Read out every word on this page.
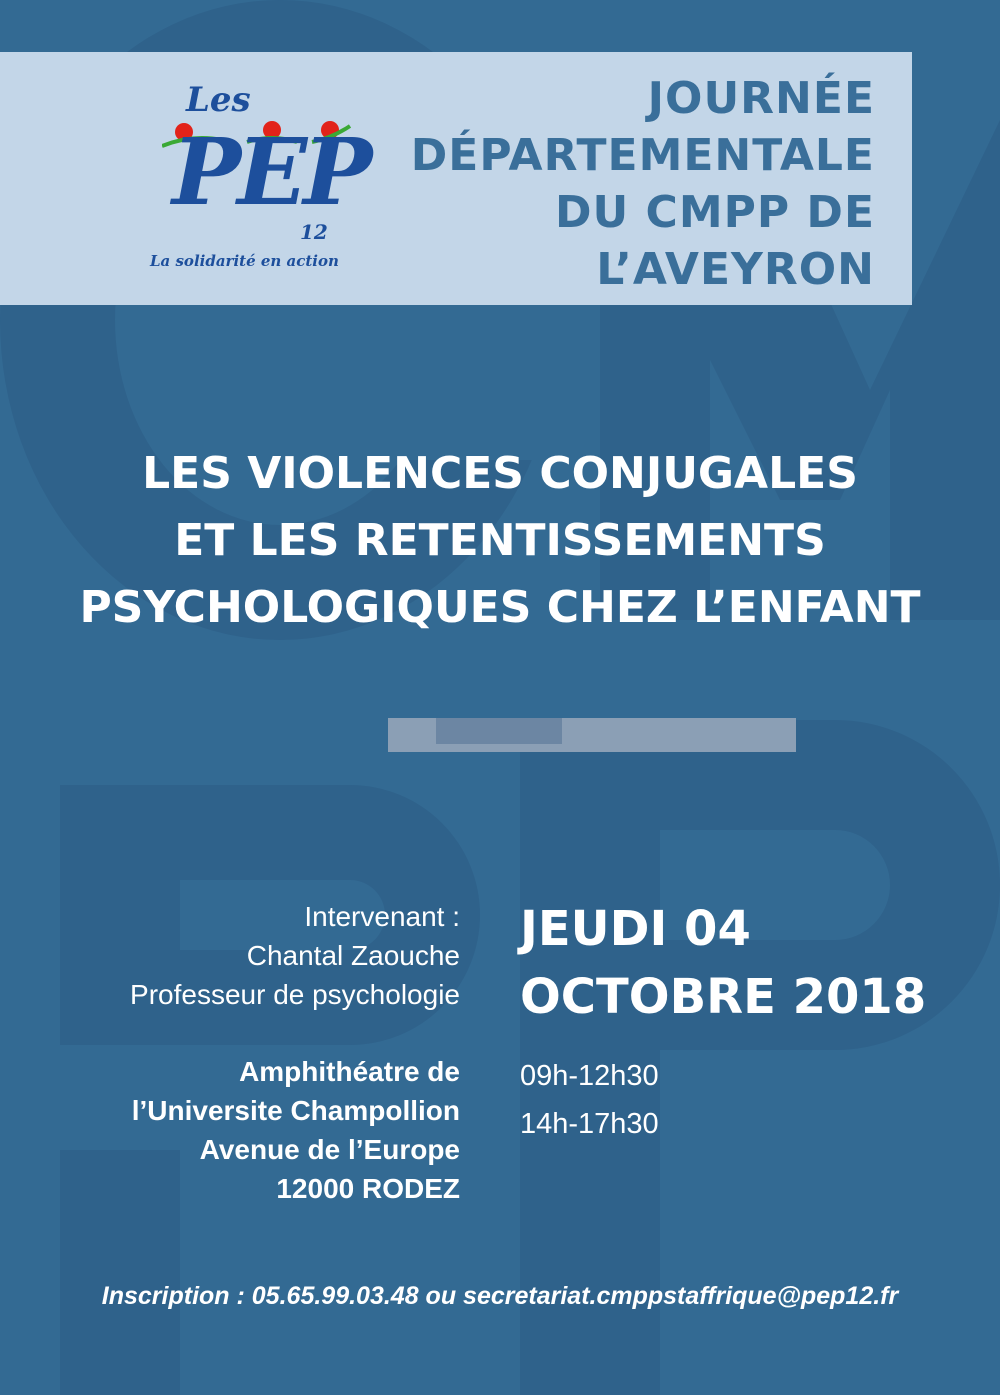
Les
PEP
12
La solidarité en action
JOURNÉE
DÉPARTEMENTALE
DU CMPP DE
L’AVEYRON
LES VIOLENCES CONJUGALES
ET LES RETENTISSEMENTS
PSYCHOLOGIQUES CHEZ L’ENFANT
Intervenant :
Chantal Zaouche
Professeur de psychologie
Amphithéatre de
l’Universite Champollion
Avenue de l’Europe
12000 RODEZ
JEUDI 04
OCTOBRE 2018
09h-12h30
14h-17h30
Inscription : 05.65.99.03.48 ou secretariat.cmppstaffrique@pep12.fr
